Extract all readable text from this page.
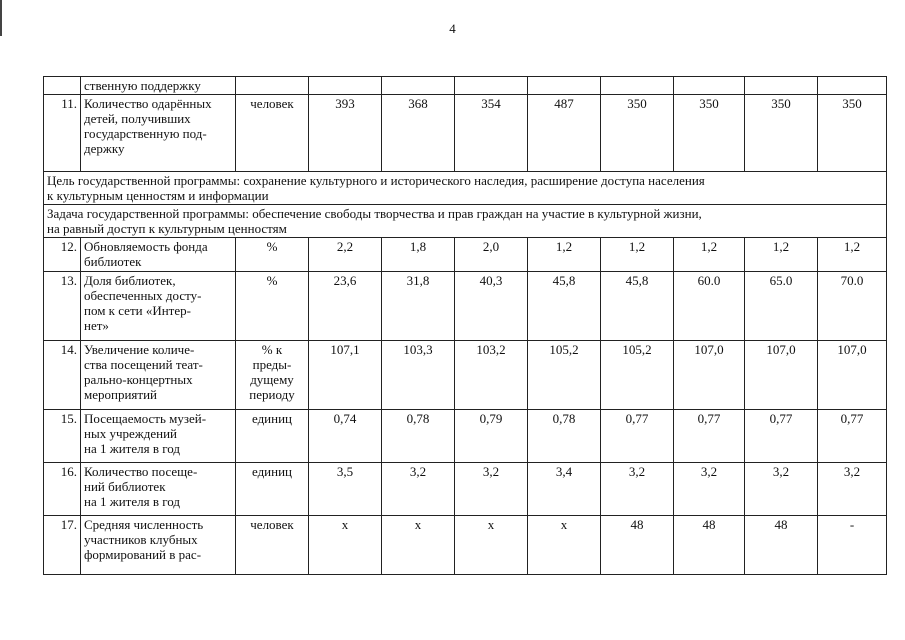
4

	ственную поддержку									

11.	Количество одарённых
детей, получивших
государственную под-
держку	человек	393	368	354	487	350	350	350	350

Цель государственной программы: сохранение культурного и исторического наследия, расширение доступа населения
к культурным ценностям и информации										

Задача государственной программы: обеспечение свободы творчества и прав граждан на участие в культурной жизни,
на равный доступ к культурным ценностям										

12.	Обновляемость фонда
библиотек	%	2,2	1,8	2,0	1,2	1,2	1,2	1,2	1,2
13.	Доля библиотек,
обеспеченных досту-
пом к сети «Интер-
нет»	%	23,6	31,8	40,3	45,8	45,8	60.0	65.0	70.0
14.	Увеличение количе-
ства посещений теат-
рально-концертных
мероприятий	% к
преды-
дущему
периоду	107,1	103,3	103,2	105,2	105,2	107,0	107,0	107,0
15.	Посещаемость музей-
ных учреждений
на 1 жителя в год	единиц	0,74	0,78	0,79	0,78	0,77	0,77	0,77	0,77
16.	Количество посеще-
ний библиотек
на 1 жителя в год	единиц	3,5	3,2	3,2	3,4	3,2	3,2	3,2	3,2
17.	Средняя численность
участников клубных
формирований в рас-	человек	х	х	х	х	48	48	48	-
